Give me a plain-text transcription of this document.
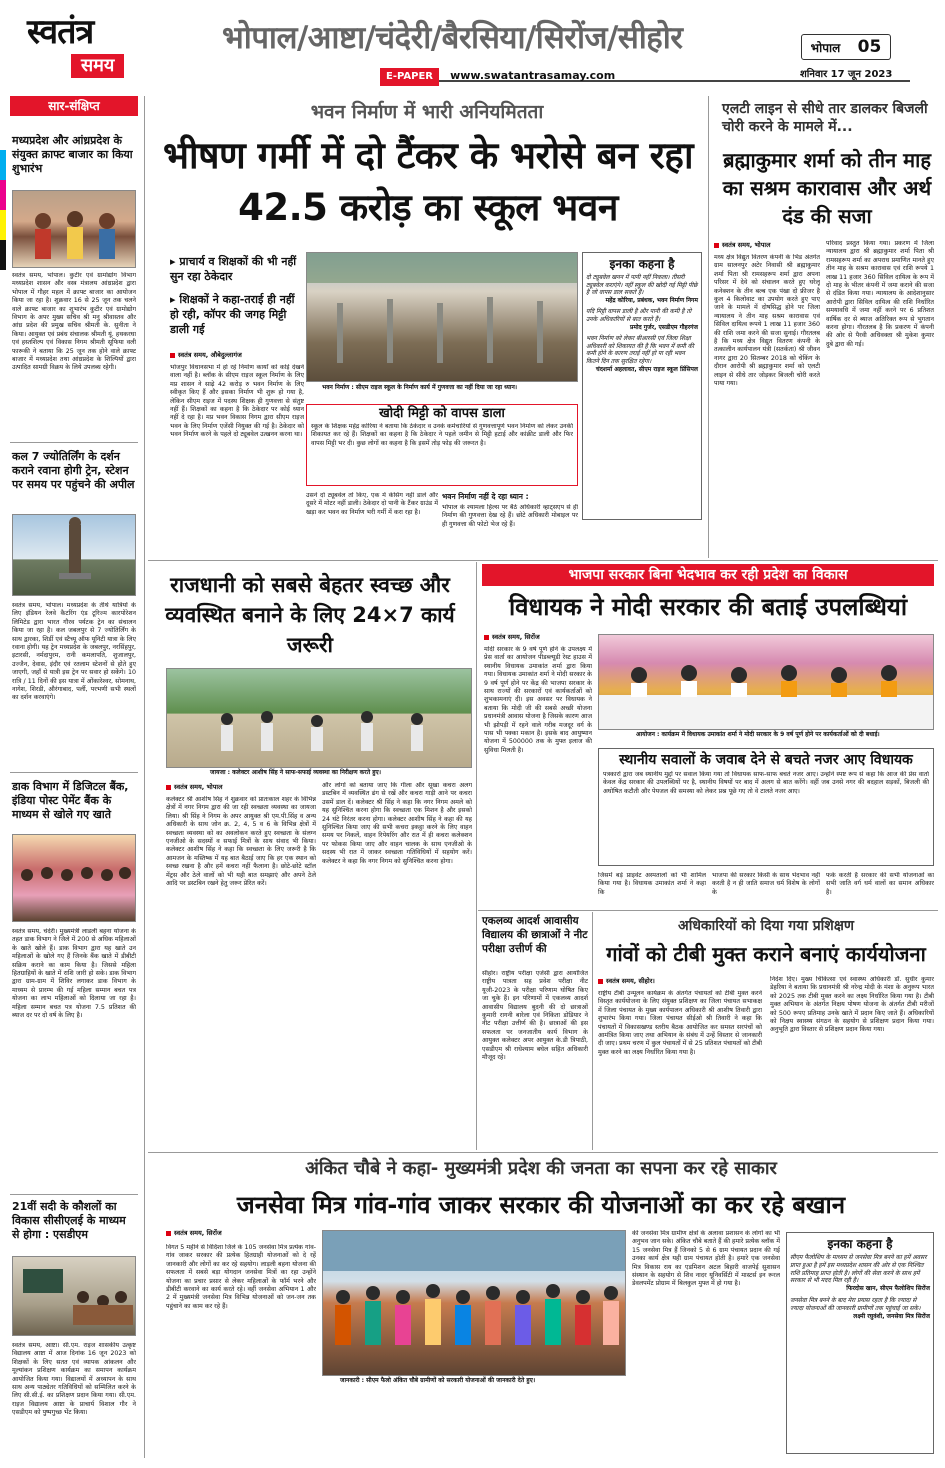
स्वतंत्र
समय
भोपाल/आष्टा/चंदेरी/बैरसिया/सिरोंज/सीहोर
E-PAPER www.swatantrasamay.com
भोपाल 05
शनिवार 17 जून 2023
सार-संक्षिप्त
मध्यप्रदेश और आंध्रप्रदेश के संयुक्त क्राफ्ट बाजार का किया शुभारंभ
स्वतंत्र समय, भोपाल। कुटीर एवं ग्रामोद्योग विभाग मध्यप्रदेश शासन और वस्त्र मंत्रालय आंध्रप्रदेश द्वारा भोपाल में गौहर महल में क्राफ्ट बाजार का आयोजन किया जा रहा है। शुक्रवार 16 से 25 जून तक चलने वाले क्राफ्ट बाजार का शुभारंभ कुटीर एवं ग्रामोद्योग विभाग के अपर मुख्य सचिव श्री मनु श्रीवास्तव और आंध्र प्रदेश की प्रमुख सचिव श्रीमती के. सुनीता ने किया। आयुक्त एवं प्रबंध संचालक श्रीमती यूं. हथकरघा एवं हस्तशिल्प एवं विकास निगम श्रीमती सूफिया वली फारूकी ने बताया कि 25 जून तक होने वाले क्राफ्ट बाजार में मध्यप्रदेश तथा आंध्रप्रदेश के शिल्पियों द्वारा उत्पादित सामग्री विक्रय के लिये उपलब्ध रहेगी।
कल 7 ज्योतिर्लिंग के दर्शन कराने रवाना होगी ट्रेन, स्टेशन पर समय पर पहुंचने की अपील
स्वतंत्र समय, भोपाल। मध्यप्रदेश के तीर्थ यात्रियों के लिए इंडियन रेलवे कैटरिंग एंड टूरिज्म कारपोरेशन लिमिटेड द्वारा भारत गौरव पर्यटक ट्रेन का संचालन किया जा रहा है। कल जबलपुर से 7 ज्योतिर्लिंग के साथ द्वारका, शिर्डी एवं स्टैच्यू ऑफ यूनिटी यात्रा के लिए रवाना होगी। यह ट्रेन मध्यप्रदेश के जबलपुर, नरसिंहपुर, इटारसी, नर्मदापुरम, रानी कमलापति, शुजालपुर, उज्जैन, देवास, इंदौर एवं रतलाम स्टेशनों से होते हुए जाएगी, जहाँ से यात्री इस ट्रेन पर सवार हो सकेंगे। 10 रात्रि / 11 दिनों की इस यात्रा में ओंकारेश्वर, सोमनाथ, नागेश, शिरडी, औरंगाबाद, पर्ली, परभणी सभी स्थलों का दर्शन करवाएंगे।
डाक विभाग में डिजिटल बैंक, इंडिया पोस्ट पेमेंट बैंक के माध्यम से खोले गए खाते
स्वतंत्र समय, चंदेरी। मुख्यमंत्री लाडली बहना योजना के तहत डाक विभाग ने जिले में 200 से अधिक महिलाओं के खाते खोले हैं। डाक विभाग द्वारा यह खाते उन महिलाओं के खोले गए हैं जिनके बैंक खाते में डीबीटी सक्रिय कराने का काम किया है। जिससे महिला हितग्राहियों के खाते में राशि जारी हो सके। डाक विभाग द्वारा ग्राम-ग्राम में शिविर लगाकर डाक विभाग के माध्यम से प्रारम्भ की गई महिला सम्मान बचत पत्र योजना का लाभ महिलाओं को दिलाया जा रहा है। महिला सम्मान बचत पत्र योजना 7.5 प्रतिशत की ब्याज दर पर दो वर्ष के लिए है।
21वीं सदी के कौशलों का विकास सीसीएलई के माध्यम से होगा : एसडीएम
स्वतंत्र समय, आष्टा। सी.एम. राइज शासकीय उत्कृष्ट विद्यालय आष्टा में आज दिनांक 16 जून 2023 को शिक्षकों के लिए सतत एवं व्यापक आंकलन और मूल्यांकन प्रशिक्षण कार्यक्रम का समापन कार्यक्रम आयोजित किया गया। विद्यालयों में अध्यापन के साथ साथ अन्य पाठ्येतर गतिविधियों को सम्मिलित करने के लिए सी.सी.ई. का प्रशिक्षण प्रदान किया गया। सी.एम. राइज विद्यालय आष्टा के प्राचार्य विशाल गौर ने एसडीएम को पुष्पगुच्छ भेंट किया।
भवन निर्माण में भारी अनियमितता
भीषण गर्मी में दो टैंकर के भरोसे बन रहा 42.5 करोड़ का स्कूल भवन
▸ प्राचार्य व शिक्षकों की भी नहीं सुन रहा ठेकेदार
▸ शिक्षकों ने कहा-तराई ही नहीं हो रही, कॉपर की जगह मिट्टी डाली गई
स्वतंत्र समय, औबेदुल्लागंज
भोजपुर विधानसभा में हो रहे निर्माण कार्यों को कोई देखने वाला नहीं है। ब्लॉक के सीएम राइज स्कूल निर्माण के लिए मप्र शासन ने साढ़े 42 करोड़ रु भवन निर्माण के लिए स्वीकृत किए हैं और इसका निर्माण भी शुरू हो गया है, लेकिन सीएम राइज में पदस्थ शिक्षक ही गुणवत्ता से संतुष्ट नहीं हैं। शिक्षकों का कहना है कि ठेकेदार पर कोई ध्यान नहीं दे रहा है। मप्र भवन विकास निगम द्वारा सीएम राइज भवन के लिए निर्माण एजेंसी नियुक्त की गई है। ठेकेदार को भवन निर्माण करने के पहले दो ट्यूबवेल उत्खनन करना था।
भवन निर्माण : सीएम राइज स्कूल के निर्माण कार्य में गुणवत्ता का नहीं दिया जा रहा ध्यान।
खोदी मिट्टी को वापस डाला
स्कूल के शिक्षक महेंद्र कोरिया ने बताया कि ठेकेदार व उनके कर्मचारियों से गुणवत्तापूर्ण भवन निर्माण को लेकर उनकी शिकायत कर रहे हैं। शिक्षकों का कहना है कि ठेकेदार ने पहले जमीन से मिट्टी हटाई और कांक्रीट डाली और फिर वापस मिट्टी भर दी। कुछ लोगों का कहना है कि इसमें तोड़ फोड़ की जरूरत है।
उसने दो ट्यूबवेल तो किए, एक में केसिंग नहीं डाले और दूसरे में मोटर नहीं डाली। ठेकेदार दो पानी के टैंकर ग्राउंड में खड़ा कर भवन का निर्माण भरी गर्मी में करा रहा है।
भवन निर्माण नहीं दे रहा ध्यान :
भोपाल के श्यामला हिल्स पर बैठे अधिकारी व्हाट्सएप से ही निर्माण की गुणवत्ता देख रहे हैं। छोटे अधिकारी मोबाइल पर ही गुणवत्ता की फोटो भेज रहे हैं।
इनका कहना है
दो ट्यूबवेल खनन में पानी नहीं निकला। तीसरी ट्यूबवेल कराएंगे। नहीं स्कूल की खोदी गई मिट्टी पीछे है जो वापस डाल सकते हैं।
महेंद्र कोरिया, प्रबंधक, भवन निर्माण निगम
यदि मिट्टी वापस डाली है और पानी की कमी है तो उनके अधिकारियों से बात करते हैं।
प्रमोद गुर्जर, एसडीएम गौहरगंज
भवन निर्माण को लेकर बीआरसी एवं जिला शिक्षा अधिकारी को शिकायत की है कि भवन में कमी की कमी होने के कारण तराई नहीं हो पा रही भवन कितने दिन तक सुरक्षित रहेगा।
चंदशर्मा अहलावत, सीएम राइज स्कूल प्रिंसिपल
एलटी लाइन से सीधे तार डालकर बिजली चोरी करने के मामले में...
ब्रह्माकुमार शर्मा को तीन माह का सश्रम कारावास और अर्थ दंड की सजा
स्वतंत्र समय, भोपाल
मध्य क्षेत्र विद्युत वितरण कंपनी के भिंड अंतर्गत ग्राम सालनपुर अटेर निवासी श्री ब्रह्माकुमार शर्मा पिता श्री रामसहरूप शर्मा द्वारा अपना परिसर में देवे को संचालन करते हुए घरेलू कनेक्शन के तीन बल्ब एक पंखा दो फ्रीजर है कुल 4 किलोवाट का उपयोग करते हुए पाए जाने के मामले में दोषसिद्ध होने पर जिला न्यायालय ने तीन माह सश्रम कारावास एवं सिविल दायित्व रूपये 1 लाख 11 हजार 360 की राशि जमा करने की सजा सुनाई। गौरतलब है कि मध्य क्षेत्र विद्युत वितरण कंपनी के तत्कालीन कार्यपालन यंत्री (सतर्कता) श्री जीवन नागर द्वारा 20 सितम्बर 2018 को चेकिंग के दौरान आरोपी श्री ब्रह्माकुमार शर्मा को एलटी लाइन से सीधे तार जोड़कर बिजली चोरी करते पाया गया।
परिवाद प्रस्तुत किया गया। प्रकरण में जिला न्यायालय द्वारा श्री ब्रह्माकुमार शर्मा पिता श्री रामसहरूप शर्मा का अपराध प्रमाणित मानते हुए तीन माह के सश्रम कारावास एवं राशि रूपये 1 लाख 11 हजार 360 सिविल दायित्व के रूप में दो माह के भीतर कंपनी में जमा कराने की सजा से दंडित किया गया। न्यायालय के आदेशानुसार आरोपी द्वारा सिविल दायित्व की राशि निर्धारित समयावधि में जमा नहीं करने पर 6 प्रतिशत वार्षिक दर से ब्याज अतिरिक्त रूप से भुगतान करना होगा। गौरतलब है कि प्रकरण में कंपनी की ओर से पैरवी अधिवक्ता श्री मुकेश कुमार दुबे द्वारा की गई।
राजधानी को सबसे बेहतर स्वच्छ और व्यवस्थित बनाने के लिए 24×7 कार्य जरूरी
जायजा : कलेक्टर आशीष सिंह ने साफ-सफाई व्यवस्था का निरीक्षण करते हुए।
स्वतंत्र समय, भोपाल
कलेक्टर श्री आशीष सिंह ने शुक्रवार को प्रातःकाल शहर के विभिन्न क्षेत्रों में नगर निगम द्वारा की जा रही स्वच्छता व्यवस्था का जायजा लिया। श्री सिंह ने निगम के अपर आयुक्त श्री एम.पी.सिंह व अन्य अधिकारी के साथ जोन क्र. 2, 4, 5 व 6 के विभिन्न क्षेत्रों में स्वच्छता व्यवस्था को का अवलोकन करते हुए स्वच्छता के संलग्न एनजीओ के सदस्यों व सफाई मित्रों के साथ संवाद भी किया। कलेक्टर आशीष सिंह ने कहा कि स्वच्छता के लिए जरूरी है कि आमजन के मस्तिष्क में यह बात बैठाई जाए कि हर एक स्थान को स्वच्छ रखना है और हमें कचरा नहीं फैलाना है। छोटे-छोटे स्टॉल मेंट्रस और ठेले वालों को भी यही बात समझाएं और अपने ठेले आदि पर डस्टबिन रखने हेतु जरूर प्रेरित करें।
और लोगों को बताया जाए कि गीला और सूखा कचरा अलग डस्टबिन में व्यवस्थित ढंग से रखें और कचरा गाड़ी आने पर कचरा उसमें डाल दें। कलेक्टर श्री सिंह ने कहा कि नगर निगम अमले को यह सुनिश्चित करना होगा कि स्वच्छता एक मिशन है और इसको 24 घंटे निरंतर करना होगा। कलेक्टर आशीष सिंह ने कहा की यह सुनिश्चित किया जाए की सभी कचरा इकट्ठा करने के लिए वाहन समय पर निकलें, वाहन रिपेयरिंग और रात में ही कचरा कलेक्शन पर फोकस किया जाए और वाहन चालक के साथ एनजीओ के सदस्य भी रात में जाकर स्वच्छता गतिविधियों में सहयोग करें। कलेक्टर ने कहा कि नगर निगम को सुनिश्चित करना होगा।
भाजपा सरकार बिना भेदभाव कर रही प्रदेश का विकास
विधायक ने मोदी सरकार की बताई उपलब्धियां
स्वतंत्र समय, सिरोंज
मोदी सरकार के 9 वर्ष पूर्ण होने के उपलक्ष्य में प्रेस वार्ता का आयोजन पीडब्ल्यूडी रेस्ट हाउस में स्थानीय विधायक उमाकांत शर्मा द्वारा किया गया। विधायक उमाकांत शर्मा ने मोदी सरकार के 9 वर्ष पूर्ण होने पर केंद्र की भाजपा सरकार के साथ राज्यों की सरकारों एवं कार्यकर्ताओं को शुभकामनाएं दी। इस अवसर पर विधायक ने बताया कि मोदी जी की सबसे अच्छी योजना प्रधानमंत्री आवास योजना है जिसके कारण आज भी झोपड़ी में रहने वाले गरीब मजदूर वर्ग के पास भी पक्का मकान है। इसके बाद आयुष्मान योजना में 500000 तक के मुफ्त इलाज की सुविधा मिलती है।
आयोजन : कार्यक्रम में विधायक उमाकांत शर्मा ने मोदी सरकार के 9 वर्ष पूर्ण होने पर कार्यकर्ताओं को दी बधाई।
स्थानीय सवालों के जवाब देने से बचते नजर आए विधायक
पत्रकारों द्वारा जब स्थानीय मुद्दों पर सवाल किया गया तो विधायक साफ-साफ बचते नजर आए। उन्होंने स्पष्ट रूप से कहा कि आज की प्रेस वार्ता केवल केंद्र सरकार की उपलब्धियों पर है, स्थानीय विषयों पर बाद में अलग से बात करेंगे। वहीं जब उनसे नगर की बदहाल सड़कों, बिजली की अघोषित कटौती और पेयजल की समस्या को लेकर प्रश्न पूछे गए तो वे टालते नजर आए।
जिसमें बड़े प्राइवेट अस्पतालों को भी शामिल किया गया है। विधायक उमाकांत शर्मा ने कहा कि
भाजपा की सरकार किसी के साथ भेदभाव नहीं करती है न ही जाति समाज धर्म विशेष के लोगों के
फर्क करती है सरकार की सभी योजनाओं का सभी जाति वर्ग धर्म वालों का समान अधिकार है।
एकलव्य आदर्श आवासीय विद्यालय की छात्राओं ने नीट परीक्षा उत्तीर्ण की
सीहोर। राष्ट्रीय परीक्षा एजेंसी द्वारा आयोजित राष्ट्रीय पात्रता सह प्रवेश परीक्षा नीट यूजी-2023 के परीक्षा परिणाम घोषित किए जा चुके हैं। इन परिणामों में एकलव्य आदर्श आवासीय विद्यालय बुदनी की दो छात्राओं कुमारी रागनी बारेला एवं निकिता डोडियार ने नीट परीक्षा उत्तीर्ण की है। छात्राओं की इस सफलता पर जनजातीय कार्य विभाग के आयुक्त कलेक्टर अपर आयुक्त के.डी त्रिपाठी, एसडीएम श्री राधेश्याम बघेल सहित अधिकारी मौजूद रहे।
अधिकारियों को दिया गया प्रशिक्षण
गांवों को टीबी मुक्त कराने बनाएं कार्ययोजना
स्वतंत्र समय, सीहोर।
राष्ट्रीय टीबी उन्मूलन कार्यक्रम के अंतर्गत पंचायतों को टीबी मुक्त करने विस्तृत कार्ययोजना के लिए संयुक्त प्रशिक्षण का जिला पंचायत सभाकक्ष में जिला पंचायत के मुख्य कार्यपालन अधिकारी श्री आशीष तिवारी द्वारा शुभारंभ किया गया। जिला पंचायत सीईओ श्री तिवारी ने कहा कि पंचायतों में विकासखण्ड स्तरीय बैठक आयोजित कर समस्त सरपंचों को आमंत्रित किया जाए तथा अभियान के संबंध में उन्हें विस्तार से जानकारी दी जाए। प्रथम चरण में कुल पंचायतों में से 25 प्रतिशत पंचायतों को टीबी मुक्त करने का लक्ष्य निर्धारित किया गया है।
निर्देश दिए। मुख्य चिकित्सा एवं स्वास्थ्य अधिकारी डॉ. सुधीर कुमार डेहरिया ने बताया कि प्रधानमंत्री श्री नरेन्द्र मोदी के मंशा के अनुरूप भारत को 2025 तक टीबी मुक्त करने का लक्ष्य निर्धारित किया गया है। टीबी मुक्त अभियान के अंतर्गत निक्षय पोषण योजना के अंतर्गत टीबी मरीजों को 500 रूपए प्रतिमाह उनके खाते में प्रदान किए जाते हैं। अधिकारियों को निक्षय स्वास्थ्य संगठन के सहयोग से प्रशिक्षण प्रदान किया गया। अनुभूति द्वारा विस्तार से प्रशिक्षण प्रदान किया गया।
अंकित चौबे ने कहा- मुख्यमंत्री प्रदेश की जनता का सपना कर रहे साकार
जनसेवा मित्र गांव-गांव जाकर सरकार की योजनाओं का कर रहे बखान
स्वतंत्र समय, सिरोंज
विगत 5 महीने से विदिशा जिले के 105 जनसेवा मित्र प्रत्येक गांव-गांव जाकर सरकार की प्रत्येक हितग्राही योजनाओं को दे रहें जानकारी और लोगों का कर रहे सहयोग। लाड़ली बहना योजना की सफलता में सबसे बड़ा योगदान जनसेवा मित्रों का रहा उन्होंने योजना का प्रचार प्रसार से लेकर महिलाओं के फॉर्म भरने और डीबीटी करवाने का कार्य करते रहे। वहीं जनसेवा अभियान 1 और 2 में मुख्यमंत्री जनसेवा मित्र विभिन्न योजनाओं को जन-जन तक पहुंचाने का काम कर रहे हैं।
जानकारी : सीएम फैलो अंकित चौबे ग्रामीणों को सरकारी योजनाओं की जानकारी देते हुए।
की जनसेवा मित्र ग्रामीण क्षेत्रों के अलावा प्रशासन के लोगों का भी अनुभव जान सके। अंकित चौबे बताते हैं की हमारे प्रत्येक ब्लॉक में 15 जनसेवा मित्र हैं जिनको 5 से 6 ग्राम पंचायत प्रदान की गई उनका कार्य क्षेत्र यही ग्राम पंचायत होती है। हमारे एक जनसेवा मित्र विकास राय का एडमिशन अटल बिहारी वाजपेई सुशासन संस्थान के सहयोग से शिव नादर यूनिवर्सिटी में मास्टर्स इन रूरल डेवलपमेंट प्रोग्राम में बिलकुल मुफ्त में हो गया है।
इनका कहना है
सीएम फैलोशिप के माध्यम से जनसेवा मित्र बनने का हमें अवसर प्राप्त हुआ है हमें इस मध्यप्रदेश शासन की ओर से एक निश्चित राशि प्रतिमाह प्राप्त होती है। लोगों की सेवा करने के साथ हमें सरकार से भी मदद मिल रही है।
फिरदोस खान, सीएम फैलोशिप सिरोंज
जनसेवा मित्र बनने के बाद मेरा प्रयास रहता है कि ज्यादा से ज्यादा योजनाओं की जानकारी ग्रामीणों तक पहुंचाई जा सके।
लक्ष्मी रघुवंशी, जनसेवा मित्र सिरोंज
